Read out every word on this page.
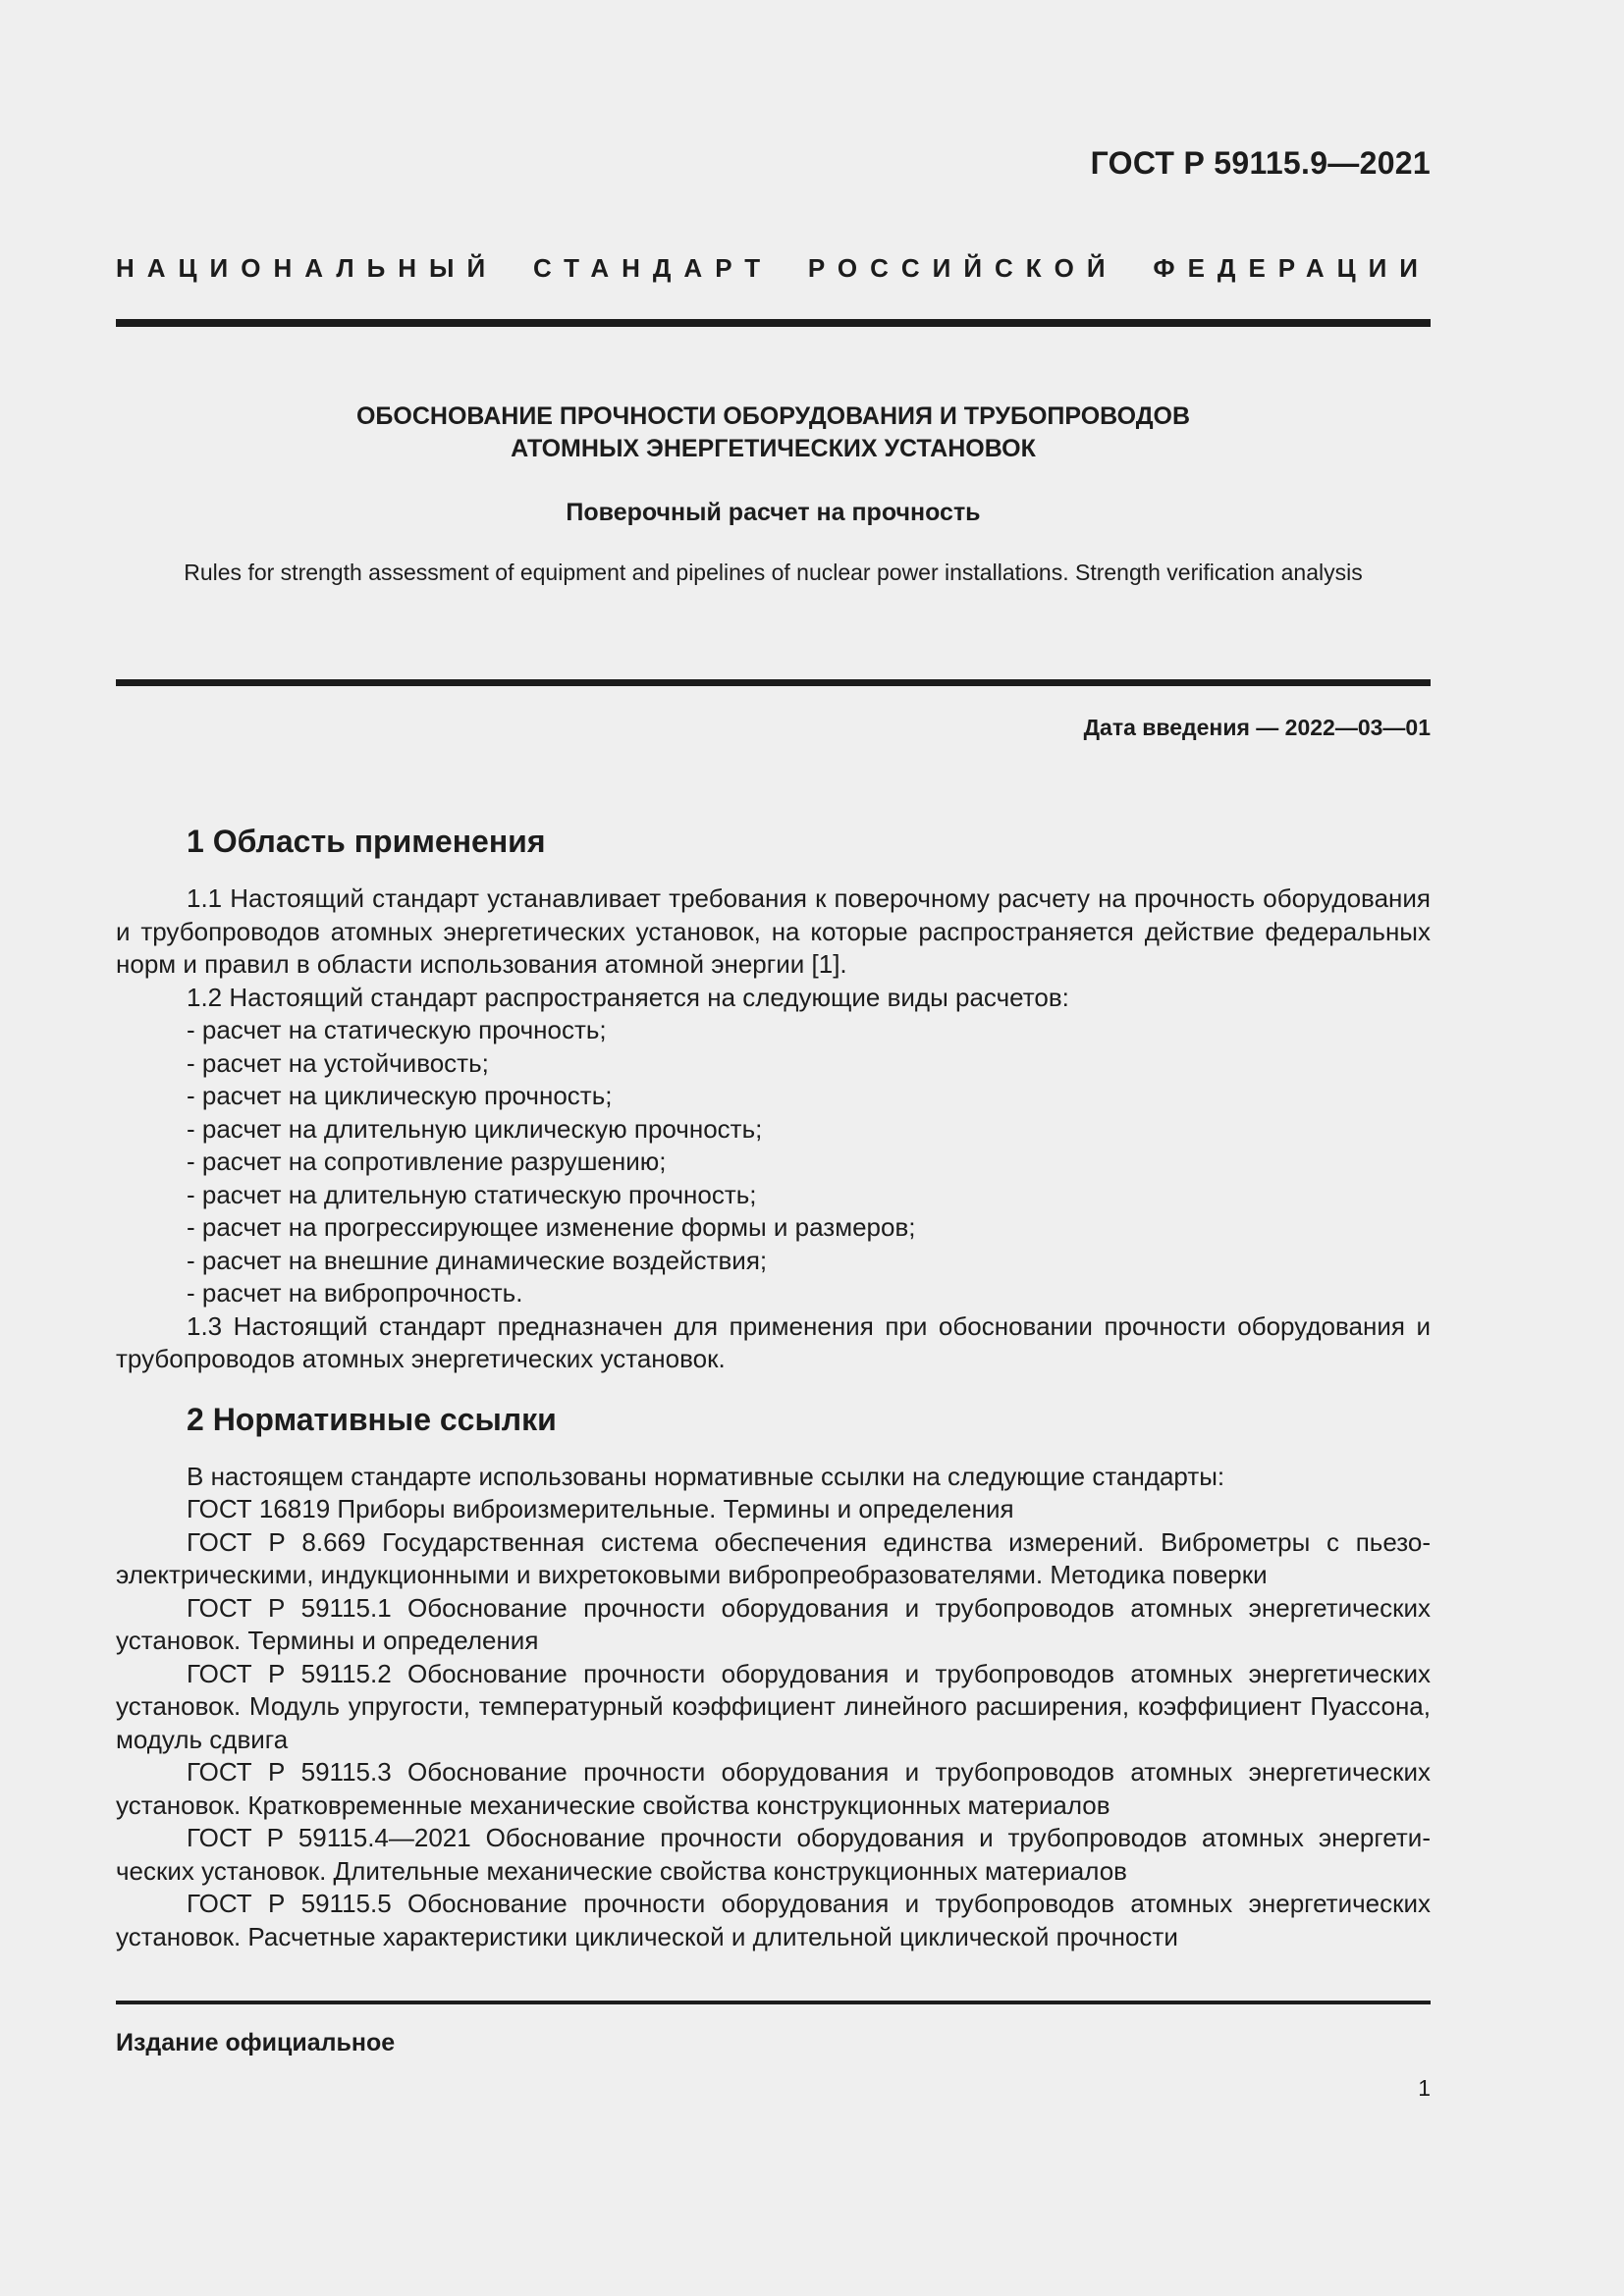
ГОСТ Р 59115.9—2021
НАЦИОНАЛЬНЫЙ СТАНДАРТ РОССИЙСКОЙ ФЕДЕРАЦИИ
ОБОСНОВАНИЕ ПРОЧНОСТИ ОБОРУДОВАНИЯ И ТРУБОПРОВОДОВ
АТОМНЫХ ЭНЕРГЕТИЧЕСКИХ УСТАНОВОК
Поверочный расчет на прочность
Rules for strength assessment of equipment and pipelines of nuclear power installations. Strength verification analysis
Дата введения — 2022—03—01
1 Область применения

1.1 Настоящий стандарт устанавливает требования к поверочному расчету на прочность оборудования и трубопроводов атомных энергетических установок, на которые распространяется действие федеральных норм и правил в области использования атомной энергии [1].

1.2 Настоящий стандарт распространяется на следующие виды расчетов:

- расчет на статическую прочность;
- расчет на устойчивость;
- расчет на циклическую прочность;
- расчет на длительную циклическую прочность;
- расчет на сопротивление разрушению;
- расчет на длительную статическую прочность;
- расчет на прогрессирующее изменение формы и размеров;
- расчет на внешние динамические воздействия;
- расчет на вибропрочность.

1.3 Настоящий стандарт предназначен для применения при обосновании прочности оборудования и трубопроводов атомных энергетических установок.

2 Нормативные ссылки

В настоящем стандарте использованы нормативные ссылки на следующие стандарты:

ГОСТ 16819 Приборы виброизмерительные. Термины и определения

ГОСТ Р 8.669 Государственная система обеспечения единства измерений. Виброметры с пьезоэлектрическими, индукционными и вихретоковыми вибропреобразователями. Методика поверки

ГОСТ Р 59115.1 Обоснование прочности оборудования и трубопроводов атомных энергетических установок. Термины и определения

ГОСТ Р 59115.2 Обоснование прочности оборудования и трубопроводов атомных энергетических установок. Модуль упругости, температурный коэффициент линейного расширения, коэффициент Пуассона, модуль сдвига

ГОСТ Р 59115.3 Обоснование прочности оборудования и трубопроводов атомных энергетических установок. Кратковременные механические свойства конструкционных материалов

ГОСТ Р 59115.4—2021 Обоснование прочности оборудования и трубопроводов атомных энергетических установок. Длительные механические свойства конструкционных материалов

ГОСТ Р 59115.5 Обоснование прочности оборудования и трубопроводов атомных энергетических установок. Расчетные характеристики циклической и длительной циклической прочности

Издание официальное
1
